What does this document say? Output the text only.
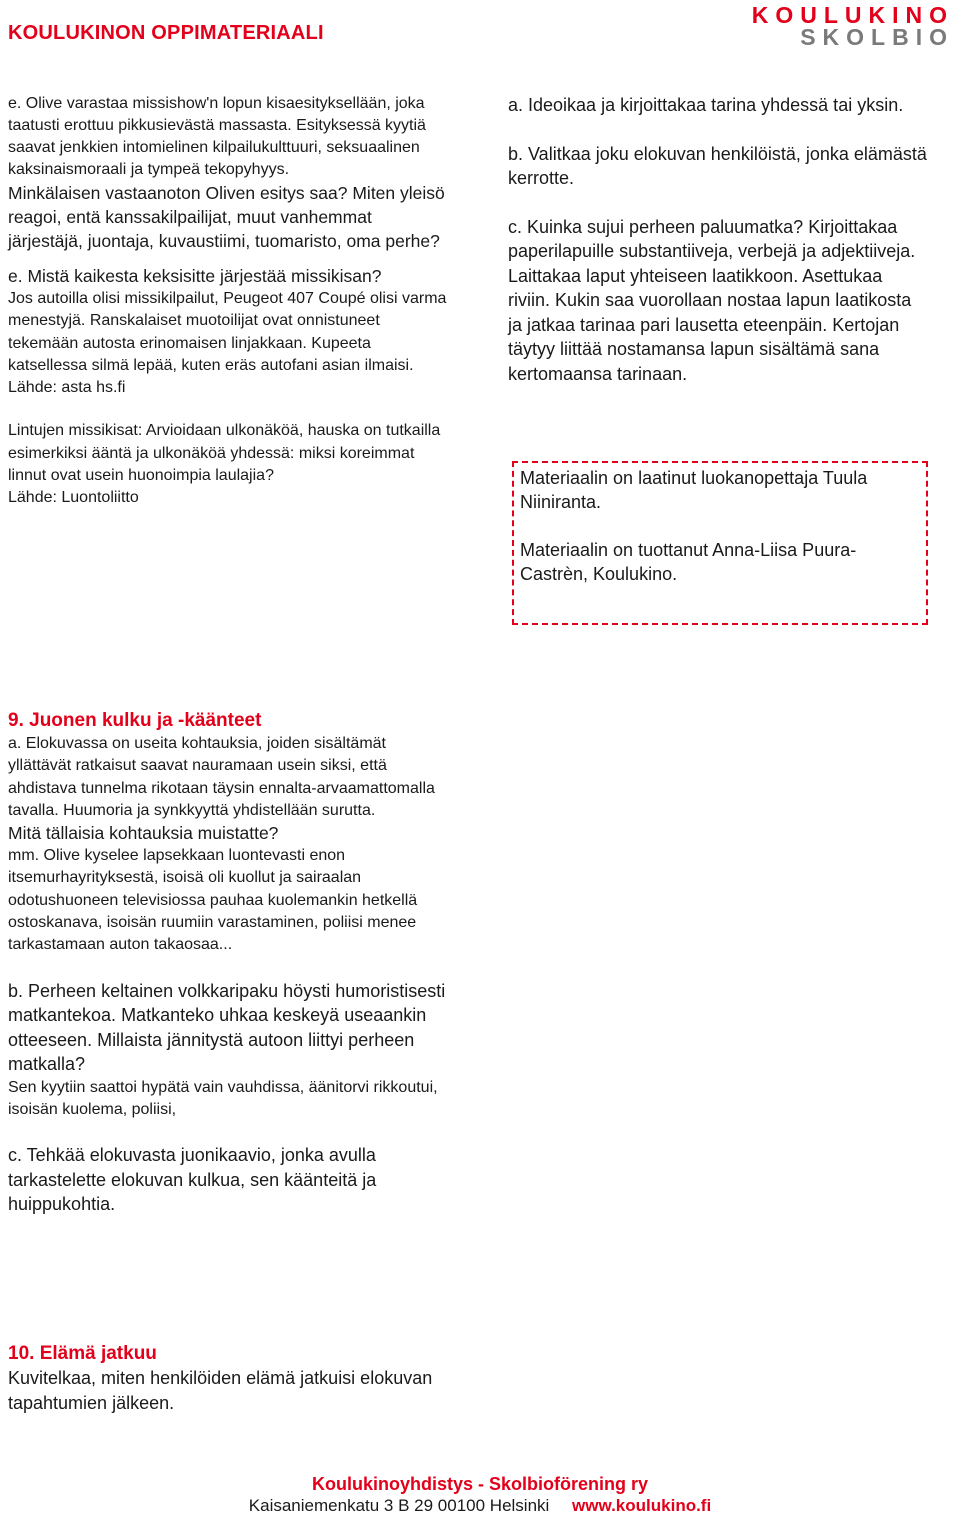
KOULUKINON OPPIMATERIAALI
KOULUKINO
SKOLBIO

e. Olive varastaa missishow'n lopun kisaesityksellään, joka taatusti erottuu pikkusievästä massasta. Esityksessä kyytiä saavat jenkkien intomielinen kilpailukulttuuri, seksuaalinen kaksinaismoraali ja tympeä tekopyhyys.

Minkälaisen vastaanoton Oliven esitys saa? Miten yleisö reagoi, entä kanssakilpailijat, muut vanhemmat järjestäjä, juontaja, kuvaustiimi, tuomaristo, oma perhe?

e. Mistä kaikesta keksisitte järjestää missikisan?

Jos autoilla olisi missikilpailut, Peugeot 407 Coupé olisi varma menestyjä. Ranskalaiset muotoilijat ovat onnistuneet tekemään autosta erinomaisen linjakkaan. Kupeeta katsellessa silmä lepää, kuten eräs autofani asian ilmaisi. Lähde: asta hs.fi

Lintujen missikisat: Arvioidaan ulkonäköä, hauska on tutkailla esimerkiksi ääntä ja ulkonäköä yhdessä: miksi koreimmat linnut ovat usein huonoimpia laulajia?

Lähde: Luontoliitto

a. Ideoikaa ja kirjoittakaa tarina yhdessä tai yksin.

b. Valitkaa joku elokuvan henkilöistä, jonka elämästä kerrotte.

c. Kuinka sujui perheen paluumatka? Kirjoittakaa paperilapuille substantiiveja, verbejä ja adjektiiveja. Laittakaa laput yhteiseen laatikkoon. Asettukaa riviin. Kukin saa vuorollaan nostaa lapun laatikosta ja jatkaa tarinaa pari lausetta eteenpäin. Kertojan täytyy liittää nostamansa lapun sisältämä sana kertomaansa tarinaan.

Materiaalin on laatinut luokanopettaja Tuula Niiniranta.

Materiaalin on tuottanut Anna-Liisa Puura-Castrèn, Koulukino.

9. Juonen kulku ja -käänteet

a. Elokuvassa on useita kohtauksia, joiden sisältämät yllättävät ratkaisut saavat nauramaan usein siksi, että ahdistava tunnelma rikotaan täysin ennalta-arvaamattomalla tavalla. Huumoria ja synkkyyttä yhdistellään surutta.

Mitä tällaisia kohtauksia muistatte?

mm. Olive kyselee lapsekkaan luontevasti enon itsemurhayrityksestä, isoisä oli kuollut ja sairaalan odotushuoneen televisiossa pauhaa kuolemankin hetkellä ostoskanava, isoisän ruumiin varastaminen, poliisi menee tarkastamaan auton takaosaa...

b. Perheen keltainen volkkaripaku höysti humoristisesti matkantekoa. Matkanteko uhkaa keskeyä useaankin otteeseen. Millaista jännitystä autoon liittyi perheen matkalla?

Sen kyytiin saattoi hypätä vain vauhdissa, äänitorvi rikkoutui, isoisän kuolema, poliisi,

c. Tehkää elokuvasta juonikaavio, jonka avulla tarkastelette elokuvan kulkua, sen käänteitä ja huippukohtia.

10. Elämä jatkuu

Kuvitelkaa, miten henkilöiden elämä jatkuisi elokuvan tapahtumien jälkeen.

Koulukinoyhdistys - Skolbioförening ry
Kaisaniemenkatu 3 B 29 00100 Helsinki www.koulukino.fi
